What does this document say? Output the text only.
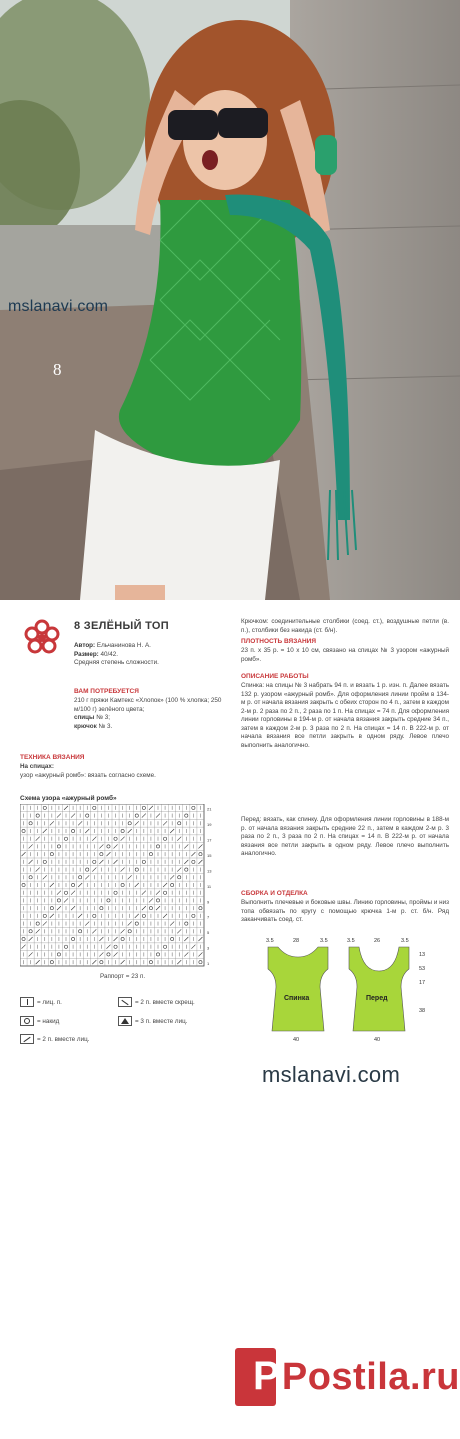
mslanavi.com
8
8 ЗЕЛЁНЫЙ ТОП
Автор: Ельчанинова Н. А.
Размер: 40/42.
Средняя степень сложности.
ВАМ ПОТРЕБУЕТСЯ
210 г пряжи Камтекс «Хлопок» (100 % хлопка; 250 м/100 г) зелёного цвета;
спицы № 3;
крючок № 3.
ТЕХНИКА ВЯЗАНИЯ
На спицах:
узор «ажурный ромб»: вязать согласно схеме.
Схема узора «ажурный ромб»
1
3
5
7
9
11
13
15
17
19
21
Раппорт = 23 п.
= лиц. п.
= накид
= 2 п. вместе лиц.
= 2 п. вместе скрещ.
= 3 п. вместе лиц.
Крючком: соединительные столбики (соед. ст.), воздушные петли (в. п.), столбики без накида (ст. б/н).
ПЛОТНОСТЬ ВЯЗАНИЯ
23 п. х 35 р. = 10 х 10 см, связано на спицах № 3 узором «ажурный ромб».
ОПИСАНИЕ РАБОТЫ
Спинка: на спицы № 3 набрать 94 п. и вязать 1 р. изн. п. Далее вязать 132 р. узором «ажурный ромб». Для оформления линии пройм в 134-м р. от начала вязания закрыть с обеих сторон по 4 п., затем в каждом 2-м р. 2 раза по 2 п., 2 раза по 1 п. На спицах = 74 п. Для оформления линии горловины в 194-м р. от начала вязания закрыть средние 34 п., затем в каждом 2-м р. 3 раза по 2 п. На спицах = 14 п. В 222-м р. от начала вязания все петли закрыть в одном ряду. Левое плечо выполнить аналогично.
Перед: вязать, как спинку. Для оформления линии горловины в 188-м р. от начала вязания закрыть средние 22 п., затем в каждом 2-м р. 3 раза по 2 п., 3 раза по 2 п. На спицах = 14 п. В 222-м р. от начала вязания все петли закрыть в одном ряду. Левое плечо выполнить аналогично.
СБОРКА И ОТДЕЛКА
Выполнить плечевые и боковые швы. Линию горловины, проймы и низ топа обвязать по кругу с помощью крючка 1-м р. ст. б/н. Ряд заканчивать соед. ст.
Спинка
3.5	28	3.5
40
Перед
3.5	26	3.5
40
13
53
17
38
mslanavi.com
P Postila.ru
